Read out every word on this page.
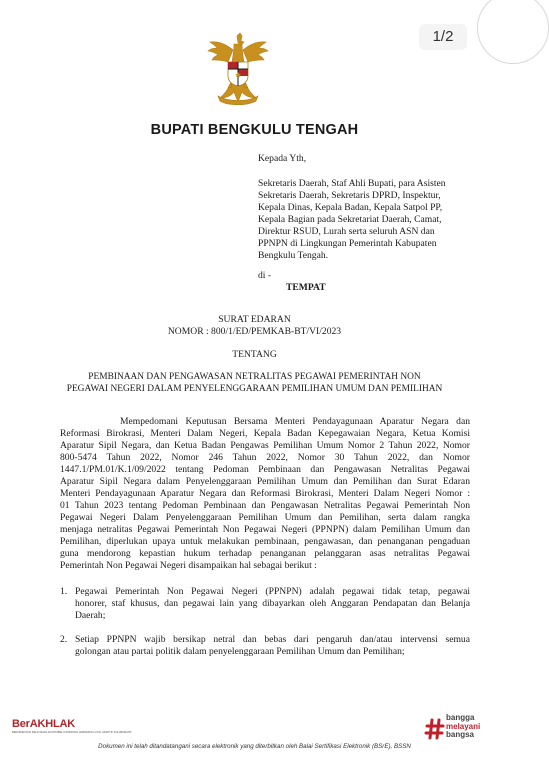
1/2
BUPATI BENGKULU TENGAH
Kepada Yth,
Sekretaris Daerah, Staf Ahli Bupati, para Asisten
Sekretaris Daerah, Sekretaris DPRD, Inspektur,
Kepala Dinas, Kepala Badan, Kepala Satpol PP,
Kepala Bagian pada Sekretariat Daerah, Camat,
Direktur RSUD, Lurah serta seluruh ASN dan
PPNPN di Lingkungan Pemerintah Kabupaten
Bengkulu Tengah.
di -
TEMPAT
SURAT EDARAN
NOMOR : 800/1/ED/PEMKAB-BT/VI/2023
TENTANG
PEMBINAAN DAN PENGAWASAN NETRALITAS PEGAWAI PEMERINTAH NON
PEGAWAI NEGERI DALAM PENYELENGGARAAN PEMILIHAN UMUM DAN PEMILIHAN
Mempedomani Keputusan Bersama Menteri Pendayagunaan Aparatur Negara dan
Reformasi Birokrasi, Menteri Dalam Negeri, Kepala Badan Kepegawaian Negara, Ketua Komisi
Aparatur Sipil Negara, dan Ketua Badan Pengawas Pemilihan Umum Nomor 2 Tahun 2022, Nomor
800-5474 Tahun 2022, Nomor 246 Tahun 2022, Nomor 30 Tahun 2022, dan Nomor
1447.1/PM.01/K.1/09/2022 tentang Pedoman Pembinaan dan Pengawasan Netralitas Pegawai
Aparatur Sipil Negara dalam Penyelenggaraan Pemilihan Umum dan Pemilihan dan Surat Edaran
Menteri Pendayagunaan Aparatur Negara dan Reformasi Birokrasi, Menteri Dalam Negeri Nomor :
01 Tahun 2023 tentang Pedoman Pembinaan dan Pengawasan Netralitas Pegawai Pemerintah Non
Pegawai Negeri Dalam Penyelenggaraan Pemilihan Umum dan Pemilihan, serta dalam rangka
menjaga netralitas Pegawai Pemerintah Non Pegawai Negeri (PPNPN) dalam Pemilihan Umum dan
Pemilihan, diperlukan upaya untuk melakukan pembinaan, pengawasan, dan penanganan pengaduan
guna mendorong kepastian hukum terhadap penanganan pelanggaran asas netralitas Pegawai
Pemerintah Non Pegawai Negeri disampaikan hal sebagai berikut :
1. Pegawai Pemerintah Non Pegawai Negeri (PPNPN) adalah pegawai tidak tetap, pegawai
honorer, staf khusus, dan pegawai lain yang dibayarkan oleh Anggaran Pendapatan dan Belanja
Daerah;
2. Setiap PPNPN wajib bersikap netral dan bebas dari pengaruh dan/atau intervensi semua
golongan atau partai politik dalam penyelenggaraan Pemilihan Umum dan Pemilihan;
BerAKHLAK
BERORIENTASI PELAYANAN AKUNTABEL KOMPETEN HARMONIS LOYAL ADAPTIF KOLABORATIF
bangga
melayani
bangsa
Dokumen ini telah ditandatangani secara elektronik yang diterbitkan oleh Balai Sertifikasi Elektronik (BSrE), BSSN
